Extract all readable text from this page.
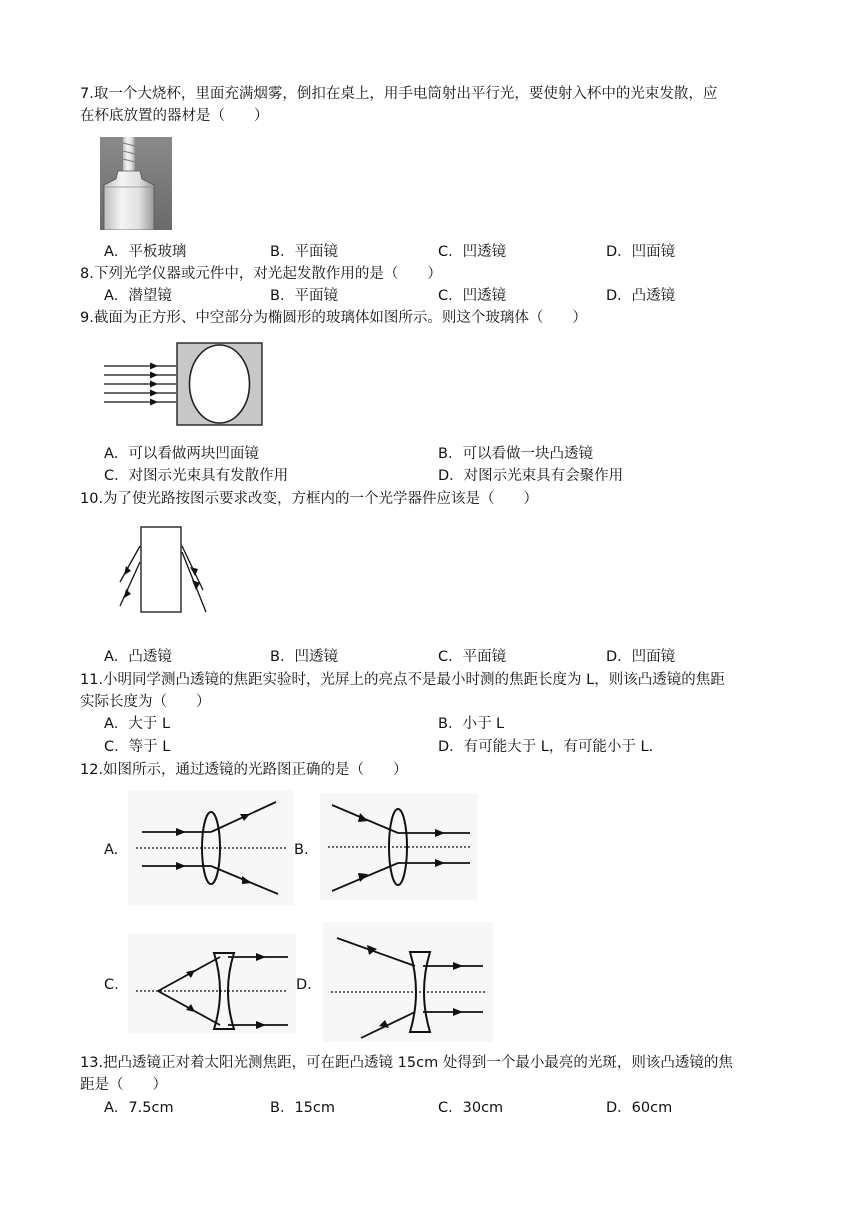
7.取一个大烧杯，里面充满烟雾，倒扣在桌上，用手电筒射出平行光，要使射入杯中的光束发散，应
在杯底放置的器材是（　　）
A．平板玻璃	B．平面镜	C．凹透镜	D．凹面镜
8.下列光学仪器或元件中，对光起发散作用的是（　　）
A．潜望镜	B．平面镜	C．凹透镜	D．凸透镜
9.截面为正方形、中空部分为椭圆形的玻璃体如图所示。则这个玻璃体（　　）
A．可以看做两块凹面镜	B．可以看做一块凸透镜
C．对图示光束具有发散作用	D．对图示光束具有会聚作用
10.为了使光路按图示要求改变，方框内的一个光学器件应该是（　　）
A．凸透镜	B．凹透镜	C．平面镜	D．凹面镜
11.小明同学测凸透镜的焦距实验时，光屏上的亮点不是最小时测的焦距长度为 L，则该凸透镜的焦距
实际长度为（　　）
A．大于 L	B．小于 L
C．等于 L	D．有可能大于 L，有可能小于 L.
12.如图所示，通过透镜的光路图正确的是（　　）
A.	B.
C.	D.
13.把凸透镜正对着太阳光测焦距，可在距凸透镜 15cm 处得到一个最小最亮的光斑，则该凸透镜的焦
距是（　　）
A．7.5cm	B．15cm	C．30cm	D．60cm
